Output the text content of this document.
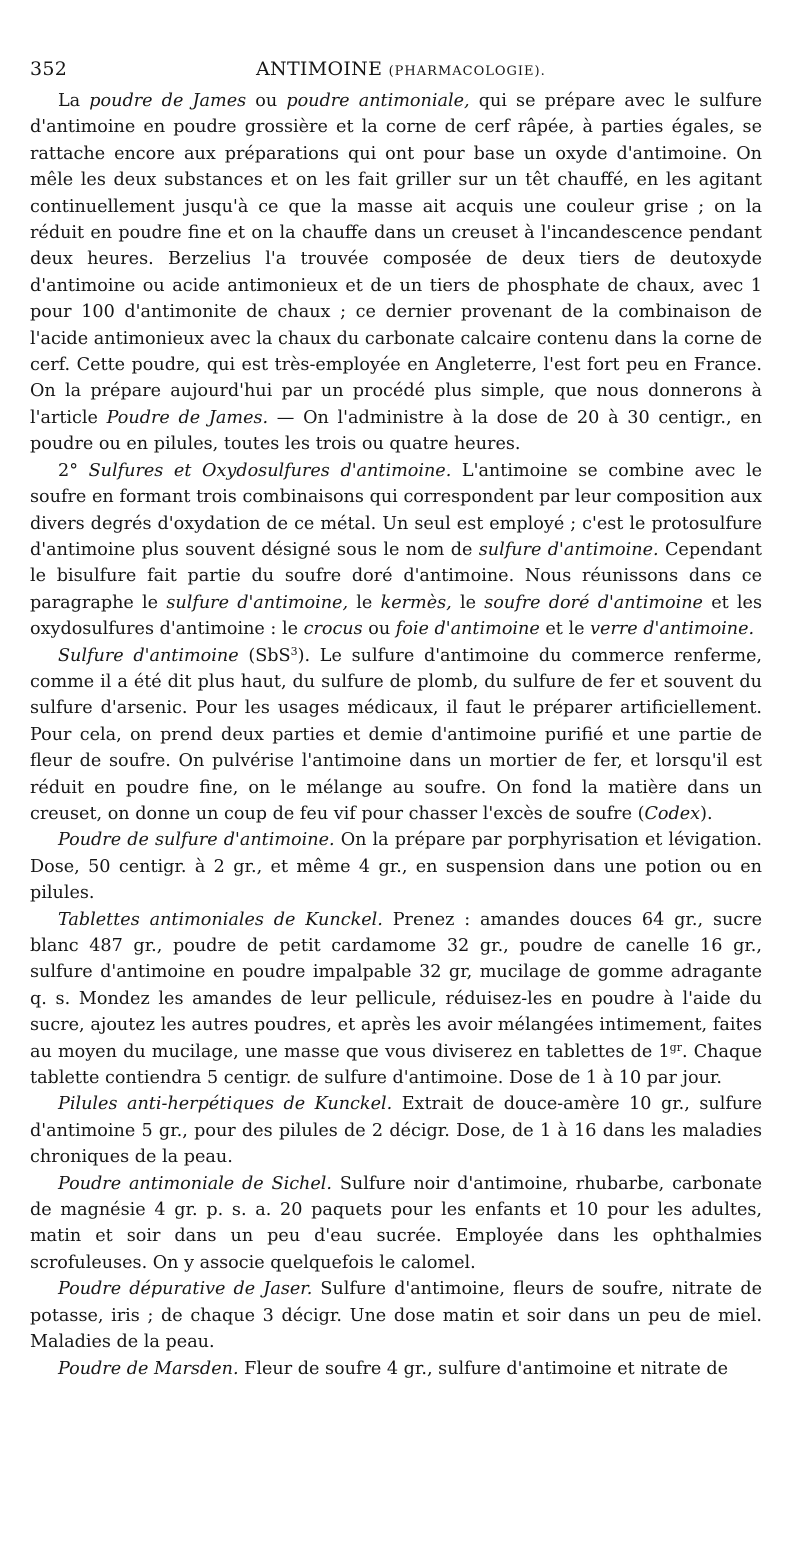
352	ANTIMOINE (PHARMACOLOGIE).

La poudre de James ou poudre antimoniale, qui se prépare avec le sulfure d'antimoine en poudre grossière et la corne de cerf râpée, à parties égales, se rattache encore aux préparations qui ont pour base un oxyde d'antimoine. On mêle les deux substances et on les fait griller sur un têt chauffé, en les agitant continuellement jusqu'à ce que la masse ait acquis une couleur grise ; on la réduit en poudre fine et on la chauffe dans un creuset à l'incandescence pendant deux heures. Berzelius l'a trouvée composée de deux tiers de deutoxyde d'antimoine ou acide antimonieux et de un tiers de phosphate de chaux, avec 1 pour 100 d'antimonite de chaux ; ce dernier provenant de la combinaison de l'acide antimonieux avec la chaux du carbonate calcaire contenu dans la corne de cerf. Cette poudre, qui est très-employée en Angleterre, l'est fort peu en France. On la prépare aujourd'hui par un procédé plus simple, que nous donnerons à l'article Poudre de James. — On l'administre à la dose de 20 à 30 centigr., en poudre ou en pilules, toutes les trois ou quatre heures.

2° Sulfures et Oxydosulfures d'antimoine. L'antimoine se combine avec le soufre en formant trois combinaisons qui correspondent par leur composition aux divers degrés d'oxydation de ce métal. Un seul est employé ; c'est le protosulfure d'antimoine plus souvent désigné sous le nom de sulfure d'antimoine. Cependant le bisulfure fait partie du soufre doré d'antimoine. Nous réunissons dans ce paragraphe le sulfure d'antimoine, le kermès, le soufre doré d'antimoine et les oxydosulfures d'antimoine : le crocus ou foie d'antimoine et le verre d'antimoine.

Sulfure d'antimoine (SbS$^3$). Le sulfure d'antimoine du commerce renferme, comme il a été dit plus haut, du sulfure de plomb, du sulfure de fer et souvent du sulfure d'arsenic. Pour les usages médicaux, il faut le préparer artificiellement. Pour cela, on prend deux parties et demie d'antimoine purifié et une partie de fleur de soufre. On pulvérise l'antimoine dans un mortier de fer, et lorsqu'il est réduit en poudre fine, on le mélange au soufre. On fond la matière dans un creuset, on donne un coup de feu vif pour chasser l'excès de soufre (Codex).

Poudre de sulfure d'antimoine. On la prépare par porphyrisation et lévigation. Dose, 50 centigr. à 2 gr., et même 4 gr., en suspension dans une potion ou en pilules.

Tablettes antimoniales de Kunckel. Prenez : amandes douces 64 gr., sucre blanc 487 gr., poudre de petit cardamome 32 gr., poudre de canelle 16 gr., sulfure d'antimoine en poudre impalpable 32 gr, mucilage de gomme adragante q. s. Mondez les amandes de leur pellicule, réduisez-les en poudre à l'aide du sucre, ajoutez les autres poudres, et après les avoir mélangées intimement, faites au moyen du mucilage, une masse que vous diviserez en tablettes de $1^{gr}$. Chaque tablette contiendra 5 centigr. de sulfure d'antimoine. Dose de 1 à 10 par jour.

Pilules anti-herpétiques de Kunckel. Extrait de douce-amère 10 gr., sulfure d'antimoine 5 gr., pour des pilules de 2 décigr. Dose, de 1 à 16 dans les maladies chroniques de la peau.

Poudre antimoniale de Sichel. Sulfure noir d'antimoine, rhubarbe, carbonate de magnésie 4 gr. p. s. a. 20 paquets pour les enfants et 10 pour les adultes, matin et soir dans un peu d'eau sucrée. Employée dans les ophthalmies scrofuleuses. On y associe quelquefois le calomel.

Poudre dépurative de Jaser. Sulfure d'antimoine, fleurs de soufre, nitrate de potasse, iris ; de chaque 3 décigr. Une dose matin et soir dans un peu de miel. Maladies de la peau.

Poudre de Marsden. Fleur de soufre 4 gr., sulfure d'antimoine et nitrate de
